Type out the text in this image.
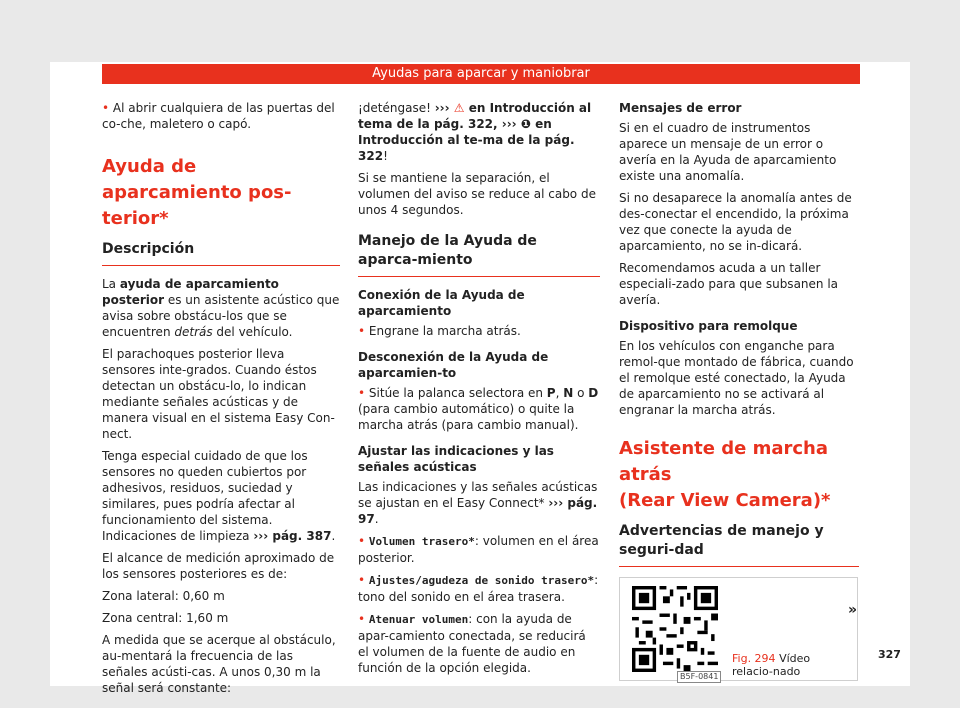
Ayudas para aparcar y maniobrar

• Al abrir cualquiera de las puertas del co-che, maletero o capó.

Ayuda de aparcamiento pos-
terior*
Descripción

La ayuda de aparcamiento posterior es un asistente acústico que avisa sobre obstácu-los que se encuentren detrás del vehículo.

El parachoques posterior lleva sensores inte-grados. Cuando éstos detectan un obstácu-lo, lo indican mediante señales acústicas y de manera visual en el sistema Easy Con-nect.

Tenga especial cuidado de que los sensores no queden cubiertos por adhesivos, residuos, suciedad y similares, pues podría afectar al funcionamiento del sistema. Indicaciones de limpieza ››› pág. 387.

El alcance de medición aproximado de los sensores posteriores es de:

Zona lateral: 0,60 m

Zona central: 1,60 m

A medida que se acerque al obstáculo, au-mentará la frecuencia de las señales acústi-cas. A unos 0,30 m la señal será constante:

¡deténgase! ››› ⚠ en Introducción al tema de la pág. 322, ››› ❶ en Introducción al te-ma de la pág. 322!

Si se mantiene la separación, el volumen del aviso se reduce al cabo de unos 4 segundos.

Manejo de la Ayuda de aparca-miento
Conexión de la Ayuda de aparcamiento

• Engrane la marcha atrás.

Desconexión de la Ayuda de aparcamien-to

• Sitúe la palanca selectora en P, N o D (para cambio automático) o quite la marcha atrás (para cambio manual).

Ajustar las indicaciones y las señales acústicas

Las indicaciones y las señales acústicas se ajustan en el Easy Connect* ››› pág. 97.

• Volumen trasero*: volumen en el área posterior.

• Ajustes/agudeza de sonido trasero*: tono del sonido en el área trasera.

• Atenuar volumen: con la ayuda de apar-camiento conectada, se reducirá el volumen de la fuente de audio en función de la opción elegida.

Mensajes de error

Si en el cuadro de instrumentos aparece un mensaje de un error o avería en la Ayuda de aparcamiento existe una anomalía.

Si no desaparece la anomalía antes de des-conectar el encendido, la próxima vez que conecte la ayuda de aparcamiento, no se in-dicará.

Recomendamos acuda a un taller especiali-zado para que subsanen la avería.

Dispositivo para remolque

En los vehículos con enganche para remol-que montado de fábrica, cuando el remolque esté conectado, la Ayuda de aparcamiento no se activará al engranar la marcha atrás.

Asistente de marcha atrás
(Rear View Camera)*
Advertencias de manejo y seguri-dad
B5F-0841
Fig. 294 Vídeo relacio-nado
»
327
